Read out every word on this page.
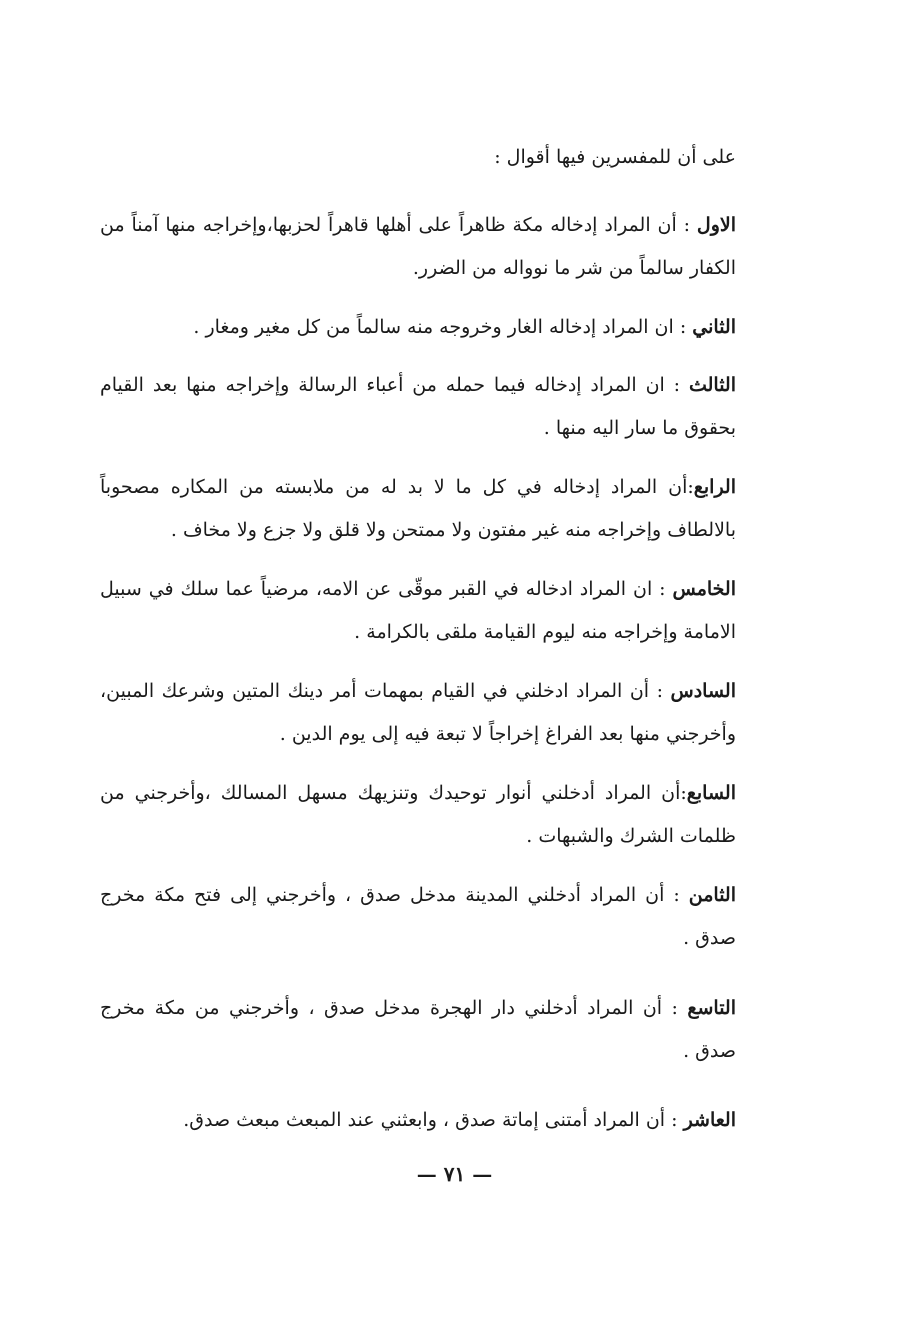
على أن للمفسرين فيها أقوال :

الاول : أن المراد إدخاله مكة ظاهراً على أهلها قاهراً لحزبها،وإخراجه منها آمناً من الكفار سالماً من شر ما نوواله من الضرر.

الثاني : ان المراد إدخاله الغار وخروجه منه سالماً من كل مغير ومغار .

الثالث : ان المراد إدخاله فيما حمله من أعباء الرسالة وإخراجه منها بعد القيام بحقوق ما سار اليه منها .

الرابع:أن المراد إدخاله في كل ما لا بد له من ملابسته من المكاره مصحوباً بالالطاف وإخراجه منه غير مفتون ولا ممتحن ولا قلق ولا جزع ولا مخاف .

الخامس : ان المراد ادخاله في القبر موقّى عن الامه، مرضياً عما سلك في سبيل الامامة وإخراجه منه ليوم القيامة ملقى بالكرامة .

السادس : أن المراد ادخلني في القيام بمهمات أمر دينك المتين وشرعك المبين، وأخرجني منها بعد الفراغ إخراجاً لا تبعة فيه إلى يوم الدين .

السابع:أن المراد أدخلني أنوار توحيدك وتنزيهك مسهل المسالك ،وأخرجني من ظلمات الشرك والشبهات .

الثامن : أن المراد أدخلني المدينة مدخل صدق ، وأخرجني إلى فتح مكة مخرج صدق .

التاسع : أن المراد أدخلني دار الهجرة مدخل صدق ، وأخرجني من مكة مخرج صدق .

العاشر : أن المراد أمتنى إماتة صدق ، وابعثني عند المبعث مبعث صدق.

— ٧١ —
